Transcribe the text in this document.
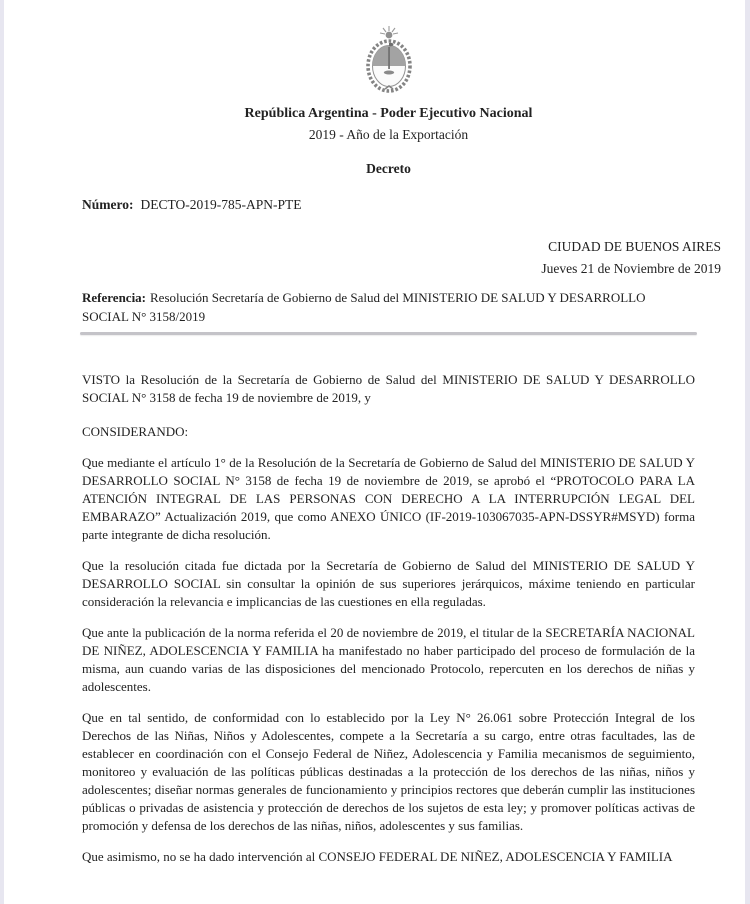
República Argentina - Poder Ejecutivo Nacional
2019 - Año de la Exportación
Decreto
Número: DECTO-2019-785-APN-PTE
CIUDAD DE BUENOS AIRES
Jueves 21 de Noviembre de 2019

Referencia: Resolución Secretaría de Gobierno de Salud del MINISTERIO DE SALUD Y DESARROLLO SOCIAL N° 3158/2019

VISTO la Resolución de la Secretaría de Gobierno de Salud del MINISTERIO DE SALUD Y DESARROLLO SOCIAL N° 3158 de fecha 19 de noviembre de 2019, y

CONSIDERANDO:

Que mediante el artículo 1° de la Resolución de la Secretaría de Gobierno de Salud del MINISTERIO DE SALUD Y DESARROLLO SOCIAL N° 3158 de fecha 19 de noviembre de 2019, se aprobó el “PROTOCOLO PARA LA ATENCIÓN INTEGRAL DE LAS PERSONAS CON DERECHO A LA INTERRUPCIÓN LEGAL DEL EMBARAZO” Actualización 2019, que como ANEXO ÚNICO (IF-2019-103067035-APN-DSSYR#MSYD) forma parte integrante de dicha resolución.

Que la resolución citada fue dictada por la Secretaría de Gobierno de Salud del MINISTERIO DE SALUD Y DESARROLLO SOCIAL sin consultar la opinión de sus superiores jerárquicos, máxime teniendo en particular consideración la relevancia e implicancias de las cuestiones en ella reguladas.

Que ante la publicación de la norma referida el 20 de noviembre de 2019, el titular de la SECRETARÍA NACIONAL DE NIÑEZ, ADOLESCENCIA Y FAMILIA ha manifestado no haber participado del proceso de formulación de la misma, aun cuando varias de las disposiciones del mencionado Protocolo, repercuten en los derechos de niñas y adolescentes.

Que en tal sentido, de conformidad con lo establecido por la Ley N° 26.061 sobre Protección Integral de los Derechos de las Niñas, Niños y Adolescentes, compete a la Secretaría a su cargo, entre otras facultades, las de establecer en coordinación con el Consejo Federal de Niñez, Adolescencia y Familia mecanismos de seguimiento, monitoreo y evaluación de las políticas públicas destinadas a la protección de los derechos de las niñas, niños y adolescentes; diseñar normas generales de funcionamiento y principios rectores que deberán cumplir las instituciones públicas o privadas de asistencia y protección de derechos de los sujetos de esta ley; y promover políticas activas de promoción y defensa de los derechos de las niñas, niños, adolescentes y sus familias.

Que asimismo, no se ha dado intervención al CONSEJO FEDERAL DE NIÑEZ, ADOLESCENCIA Y FAMILIA
